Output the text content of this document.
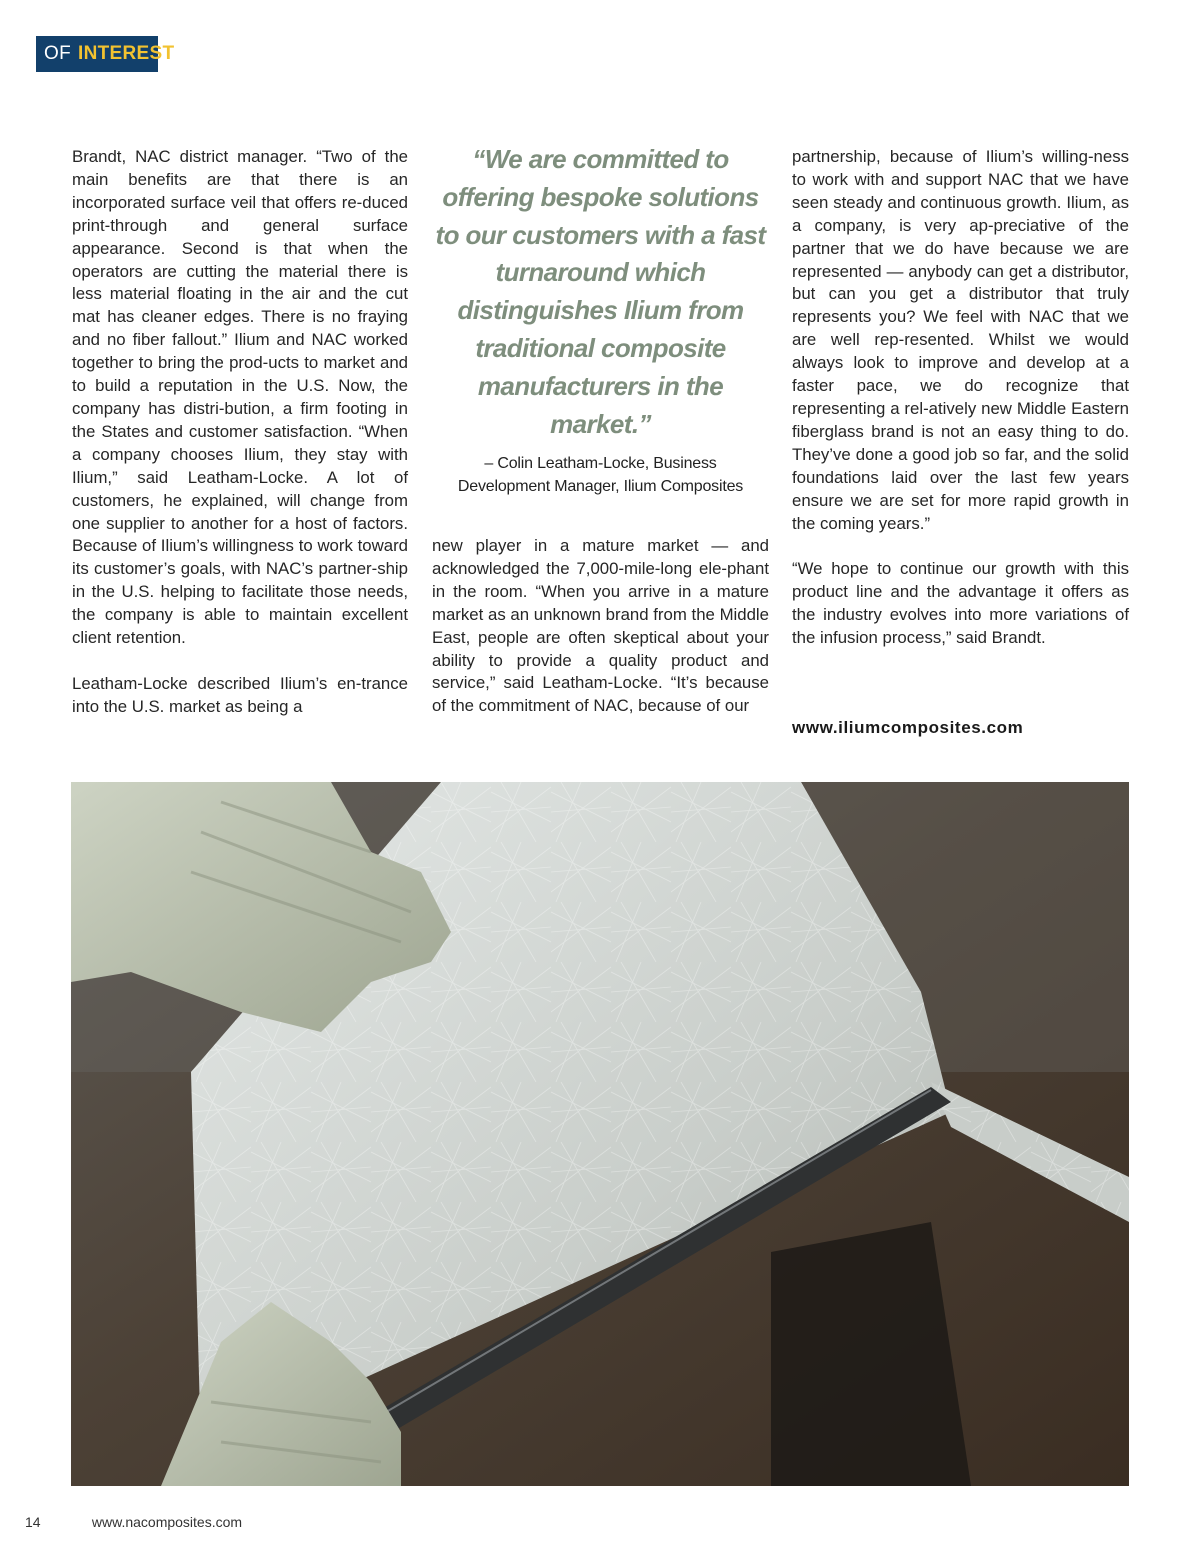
OF INTEREST

Brandt, NAC district manager. “Two of the main benefits are that there is an incorporated surface veil that offers re-duced print-through and general surface appearance. Second is that when the operators are cutting the material there is less material floating in the air and the cut mat has cleaner edges. There is no fraying and no fiber fallout.” Ilium and NAC worked together to bring the prod-ucts to market and to build a reputation in the U.S. Now, the company has distri-bution, a firm footing in the States and customer satisfaction. “When a company chooses Ilium, they stay with Ilium,” said Leatham-Locke. A lot of customers, he explained, will change from one supplier to another for a host of factors. Because of Ilium’s willingness to work toward its customer’s goals, with NAC’s partner-ship in the U.S. helping to facilitate those needs, the company is able to maintain excellent client retention.

Leatham-Locke described Ilium’s en-trance into the U.S. market as being a

“We are committed to offering bespoke solutions to our customers with a fast turnaround which distinguishes Ilium from traditional composite manufacturers in the market.”
– Colin Leatham-Locke, Business
Development Manager, Ilium Composites

new player in a mature market — and acknowledged the 7,000-mile-long ele-phant in the room. “When you arrive in a mature market as an unknown brand from the Middle East, people are often skeptical about your ability to provide a quality product and service,” said Leatham-Locke. “It’s because of the commitment of NAC, because of our

partnership, because of Ilium’s willing-ness to work with and support NAC that we have seen steady and continuous growth. Ilium, as a company, is very ap-preciative of the partner that we do have because we are represented — anybody can get a distributor, but can you get a distributor that truly represents you? We feel with NAC that we are well rep-resented. Whilst we would always look to improve and develop at a faster pace, we do recognize that representing a rel-atively new Middle Eastern fiberglass brand is not an easy thing to do. They’ve done a good job so far, and the solid foundations laid over the last few years ensure we are set for more rapid growth in the coming years.”

“We hope to continue our growth with this product line and the advantage it offers as the industry evolves into more variations of the infusion process,” said Brandt.

www.iliumcomposites.com
14	www.nacomposites.com
